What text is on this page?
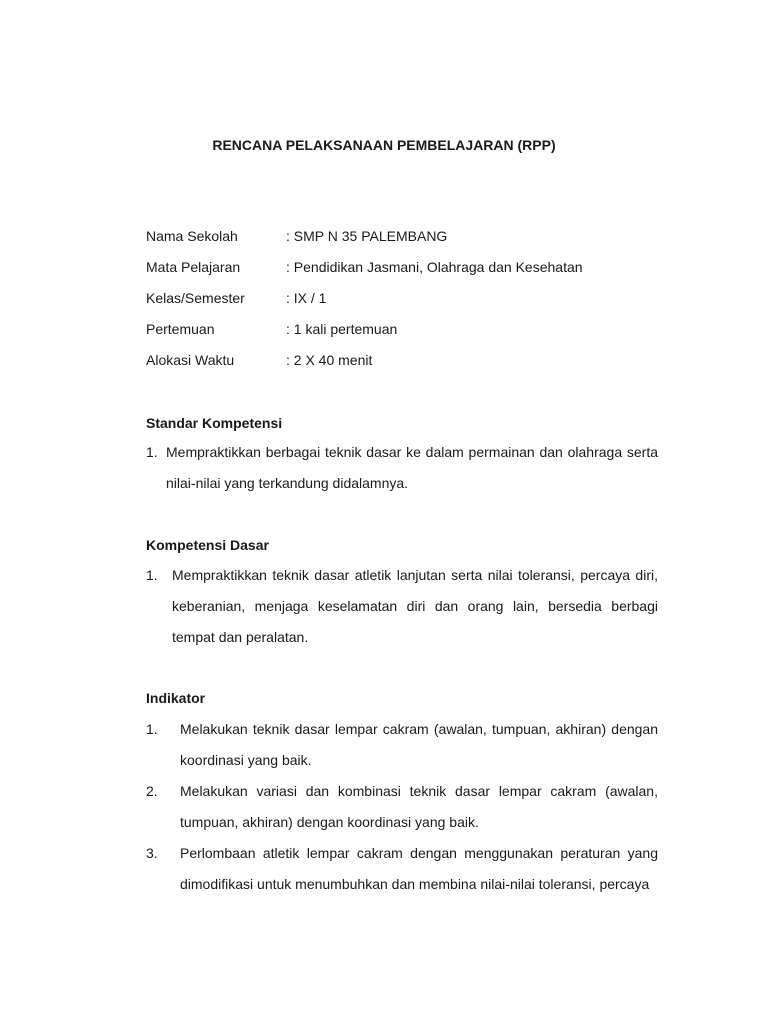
RENCANA PELAKSANAAN PEMBELAJARAN (RPP)
Nama Sekolah	: SMP N 35 PALEMBANG
Mata Pelajaran	: Pendidikan Jasmani, Olahraga dan Kesehatan
Kelas/Semester	: IX / 1
Pertemuan	: 1 kali pertemuan
Alokasi Waktu	: 2 X 40 menit
Standar Kompetensi
1. Mempraktikkan berbagai teknik dasar ke dalam permainan dan olahraga serta nilai-nilai yang terkandung didalamnya.
Kompetensi Dasar
1. Mempraktikkan teknik dasar atletik lanjutan serta nilai toleransi, percaya diri, keberanian, menjaga keselamatan diri dan orang lain, bersedia berbagi tempat dan peralatan.
Indikator
1. Melakukan teknik dasar lempar cakram (awalan, tumpuan, akhiran) dengan koordinasi yang baik.
2. Melakukan variasi dan kombinasi teknik dasar lempar cakram (awalan, tumpuan, akhiran) dengan koordinasi yang baik.
3. Perlombaan atletik lempar cakram dengan menggunakan peraturan yang dimodifikasi untuk menumbuhkan dan membina nilai-nilai toleransi, percaya
